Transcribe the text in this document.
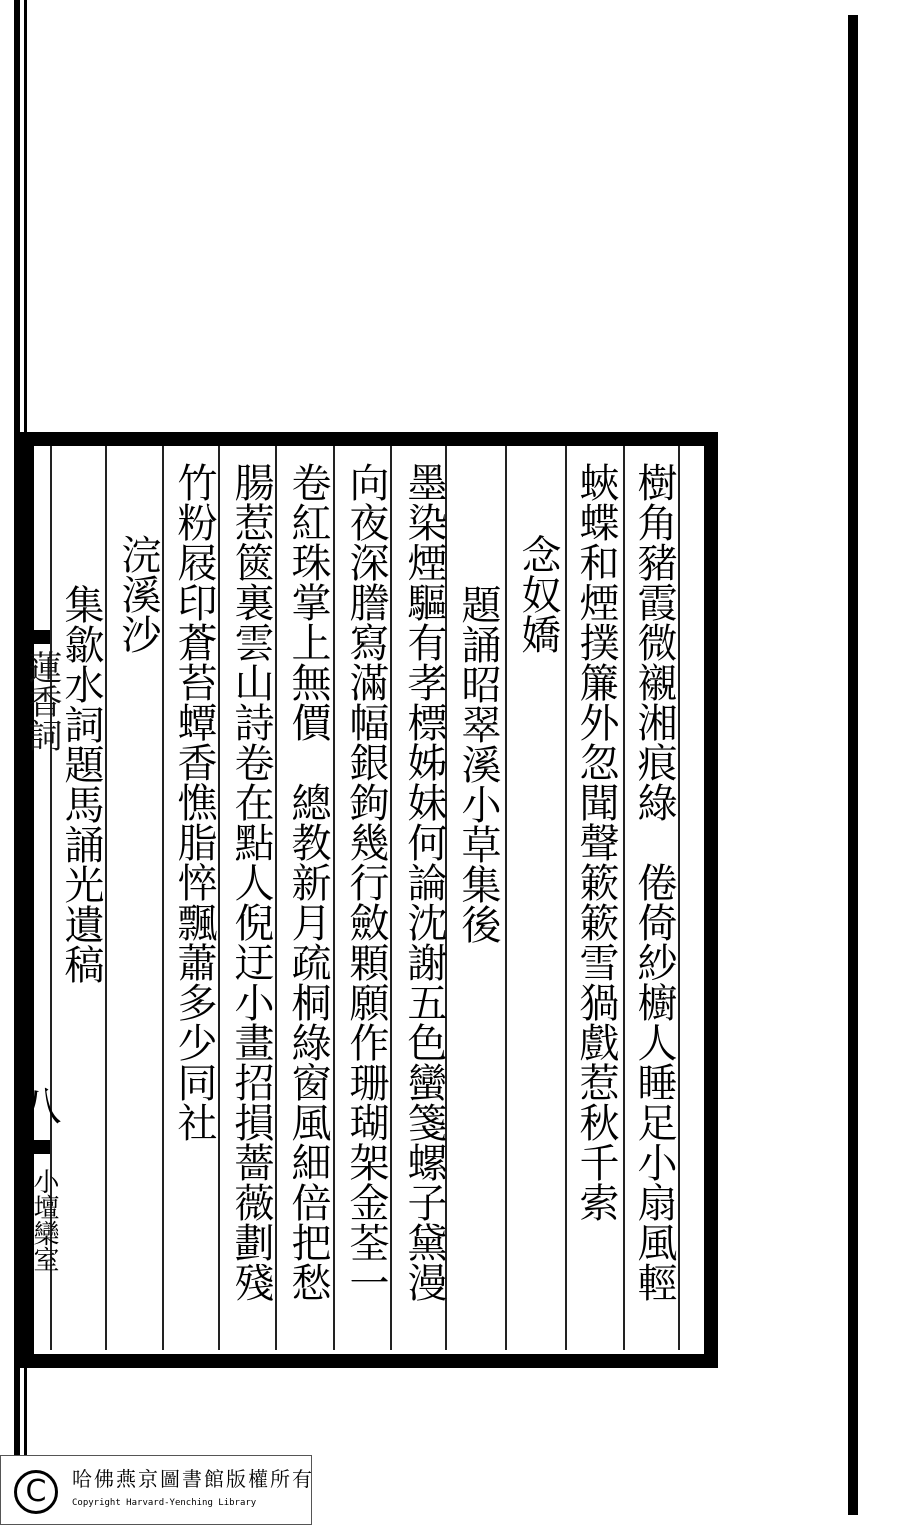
樹角豬霞微襯湘痕綠　倦倚紗櫥人睡足小扇風輕
蛺蝶和煙撲簾外忽聞聲簌簌雪猧戲惹秋千索
念奴嬌
題誦昭翠溪小草集後
墨染煙驅有孝標姊妹何論沈謝五色蠻箋螺子黛漫
向夜深謄寫滿幅銀鉤幾行斂顆願作珊瑚架金荃一
卷紅珠掌上無價　總教新月疏桐綠窗風細倍把愁
腸惹篋裏雲山詩卷在點人倪迂小畫招損薔薇劃殘
竹粉屐印蒼苔蟫香憔脂悴飄蕭多少同社
浣溪沙
集歙水詞題馬誦光遺稿
蓮香詞
八
小壇欒室
C	哈佛燕京圖書館版權所有
Copyright Harvard-Yenching Library
